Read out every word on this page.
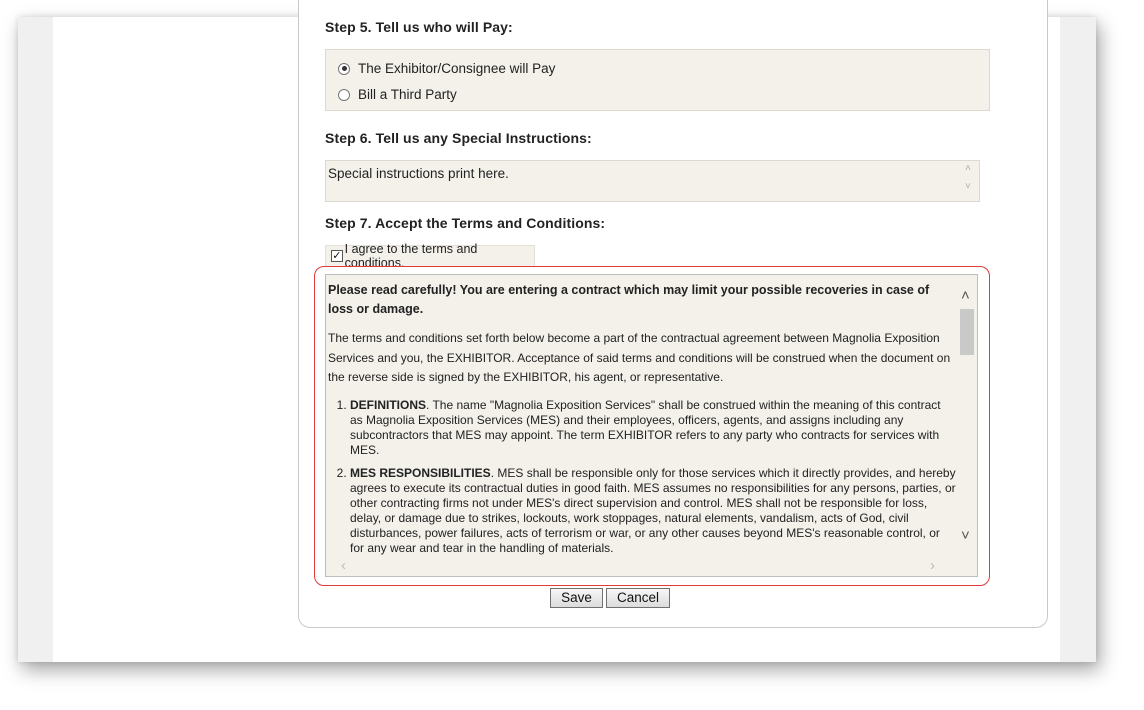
Step 5. Tell us who will Pay:
The Exhibitor/Consignee will Pay
Bill a Third Party
Step 6. Tell us any Special Instructions:
Special instructions print here.	˄
˅
Step 7. Accept the Terms and Conditions:
✓ I agree to the terms and conditions.

Please read carefully! You are entering a contract which may limit your possible recoveries in case of loss or damage.

The terms and conditions set forth below become a part of the contractual agreement between Magnolia Exposition Services and you, the EXHIBITOR. Acceptance of said terms and conditions will be construed when the document on the reverse side is signed by the EXHIBITOR, his agent, or representative.

1. DEFINITIONS. The name "Magnolia Exposition Services" shall be construed within the meaning of this contract as Magnolia Exposition Services (MES) and their employees, officers, agents, and assigns including any subcontractors that MES may appoint. The term EXHIBITOR refers to any party who contracts for services with MES.
2. MES RESPONSIBILITIES. MES shall be responsible only for those services which it directly provides, and hereby agrees to execute its contractual duties in good faith. MES assumes no responsibilities for any persons, parties, or other contracting firms not under MES's direct supervision and control. MES shall not be responsible for loss, delay, or damage due to strikes, lockouts, work stoppages, natural elements, vandalism, acts of God, civil disturbances, power failures, acts of terrorism or war, or any other causes beyond MES's reasonable control, or for any wear and tear in the handling of materials.
˄
˅
‹	›
Save	Cancel
